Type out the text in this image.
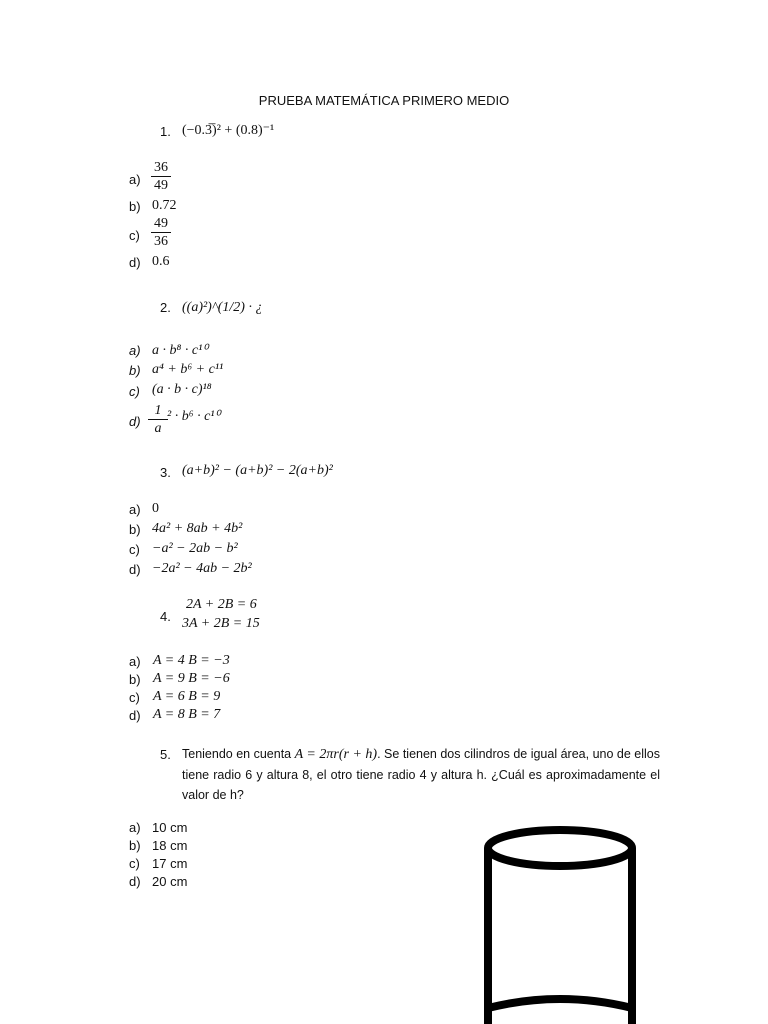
PRUEBA MATEMÁTICA PRIMERO MEDIO
1. (−0.3̅)² + (0.8)⁻¹
a)
36
49
b) 0.72
c)
49
36
d) 0.6
2. ((a)²)^(1/2) · ¿
a) a · b⁸ · c¹⁰
b) a⁴ + b⁶ + c¹¹
c) (a · b · c)¹⁸
d)
1
a
² · b⁶ · c¹⁰
3. (a+b)² − (a+b)² − 2(a+b)²
a) 0
b) 4a² + 8ab + 4b²
c) −a² − 2ab − b²
d) −2a² − 4ab − 2b²
4.
2A + 2B = 6
3A + 2B = 15
a) A = 4 B = −3
b) A = 9 B = −6
c) A = 6 B = 9
d) A = 8 B = 7
5. Teniendo en cuenta A = 2πr(r + h). Se tienen dos cilindros de igual área, uno de ellos tiene radio 6 y altura 8, el otro tiene radio 4 y altura h. ¿Cuál es aproximadamente el valor de h?
a) 10 cm
b) 18 cm
c) 17 cm
d) 20 cm
